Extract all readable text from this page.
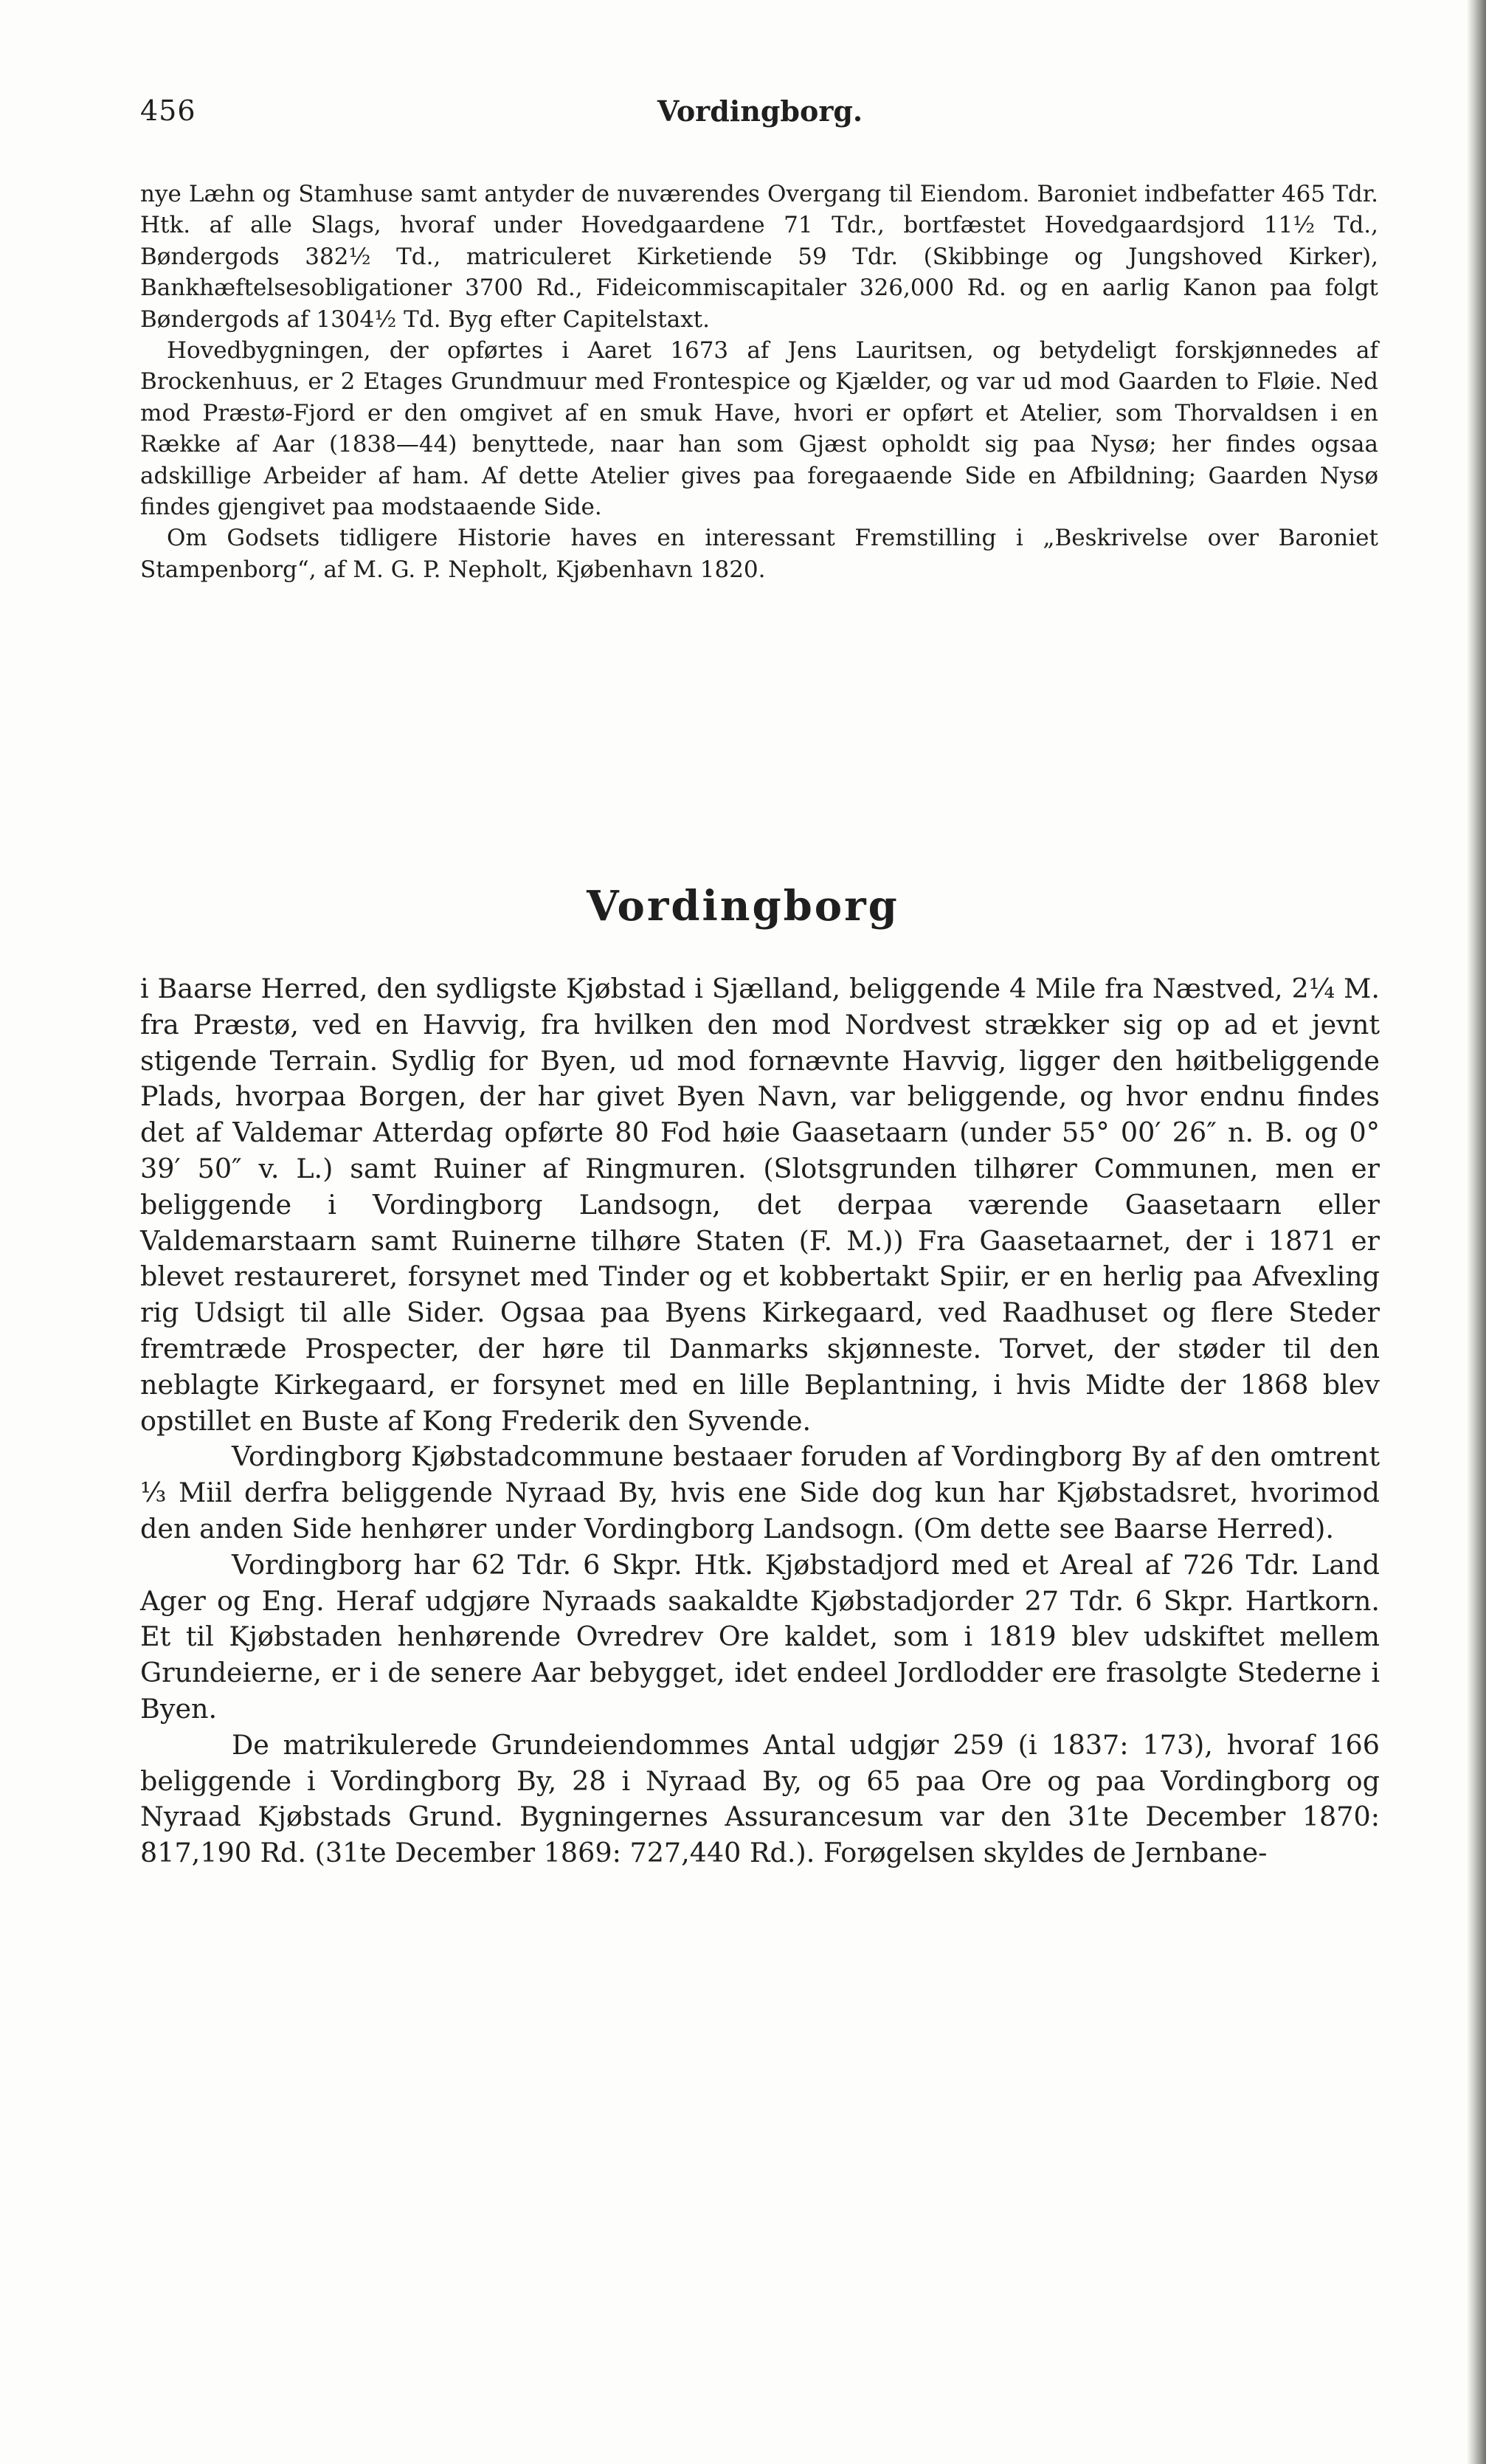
456	Vordingborg.

nye Læhn og Stamhuse samt antyder de nuværendes Overgang til Eiendom. Baroniet indbefatter 465 Tdr. Htk. af alle Slags, hvoraf under Hovedgaardene 71 Tdr., bortfæstet Hovedgaardsjord 11½ Td., Bøndergods 382½ Td., matriculeret Kirketiende 59 Tdr. (Skibbinge og Jungshoved Kirker), Bankhæftelsesobligationer 3700 Rd., Fideicommiscapitaler 326,000 Rd. og en aarlig Kanon paa folgt Bøndergods af 1304½ Td. Byg efter Capitelstaxt.

Hovedbygningen, der opførtes i Aaret 1673 af Jens Lauritsen, og betydeligt forskjønnedes af Brockenhuus, er 2 Etages Grundmuur med Frontespice og Kjælder, og var ud mod Gaarden to Fløie. Ned mod Præstø-Fjord er den omgivet af en smuk Have, hvori er opført et Atelier, som Thorvaldsen i en Række af Aar (1838—44) benyttede, naar han som Gjæst opholdt sig paa Nysø; her findes ogsaa adskillige Arbeider af ham. Af dette Atelier gives paa foregaaende Side en Afbildning; Gaarden Nysø findes gjengivet paa modstaaende Side.

Om Godsets tidligere Historie haves en interessant Fremstilling i „Beskrivelse over Baroniet Stampenborg“, af M. G. P. Nepholt, Kjøbenhavn 1820.

Vordingborg

i Baarse Herred, den sydligste Kjøbstad i Sjælland, beliggende 4 Mile fra Næstved, 2¼ M. fra Præstø, ved en Havvig, fra hvilken den mod Nordvest strækker sig op ad et jevnt stigende Terrain. Sydlig for Byen, ud mod fornævnte Havvig, ligger den høitbeliggende Plads, hvorpaa Borgen, der har givet Byen Navn, var beliggende, og hvor endnu findes det af Valdemar Atterdag opførte 80 Fod høie Gaasetaarn (under 55° 00′ 26″ n. B. og 0° 39′ 50″ v. L.) samt Ruiner af Ringmuren. (Slotsgrunden tilhører Communen, men er beliggende i Vordingborg Landsogn, det derpaa værende Gaasetaarn eller Valdemarstaarn samt Ruinerne tilhøre Staten (F. M.)) Fra Gaasetaarnet, der i 1871 er blevet restaureret, forsynet med Tinder og et kobbertakt Spiir, er en herlig paa Afvexling rig Udsigt til alle Sider. Ogsaa paa Byens Kirkegaard, ved Raadhuset og flere Steder fremtræde Prospecter, der høre til Danmarks skjønneste. Torvet, der støder til den neblagte Kirkegaard, er forsynet med en lille Beplantning, i hvis Midte der 1868 blev opstillet en Buste af Kong Frederik den Syvende.

Vordingborg Kjøbstadcommune bestaaer foruden af Vordingborg By af den omtrent ⅓ Miil derfra beliggende Nyraad By, hvis ene Side dog kun har Kjøbstadsret, hvorimod den anden Side henhører under Vordingborg Landsogn. (Om dette see Baarse Herred).

Vordingborg har 62 Tdr. 6 Skpr. Htk. Kjøbstadjord med et Areal af 726 Tdr. Land Ager og Eng. Heraf udgjøre Nyraads saakaldte Kjøbstadjorder 27 Tdr. 6 Skpr. Hartkorn. Et til Kjøbstaden henhørende Ovredrev Ore kaldet, som i 1819 blev udskiftet mellem Grundeierne, er i de senere Aar bebygget, idet endeel Jordlodder ere frasolgte Stederne i Byen.

De matrikulerede Grundeiendommes Antal udgjør 259 (i 1837: 173), hvoraf 166 beliggende i Vordingborg By, 28 i Nyraad By, og 65 paa Ore og paa Vordingborg og Nyraad Kjøbstads Grund. Bygningernes Assurancesum var den 31te December 1870: 817,190 Rd. (31te December 1869: 727,440 Rd.). Forøgelsen skyldes de Jernbane-
